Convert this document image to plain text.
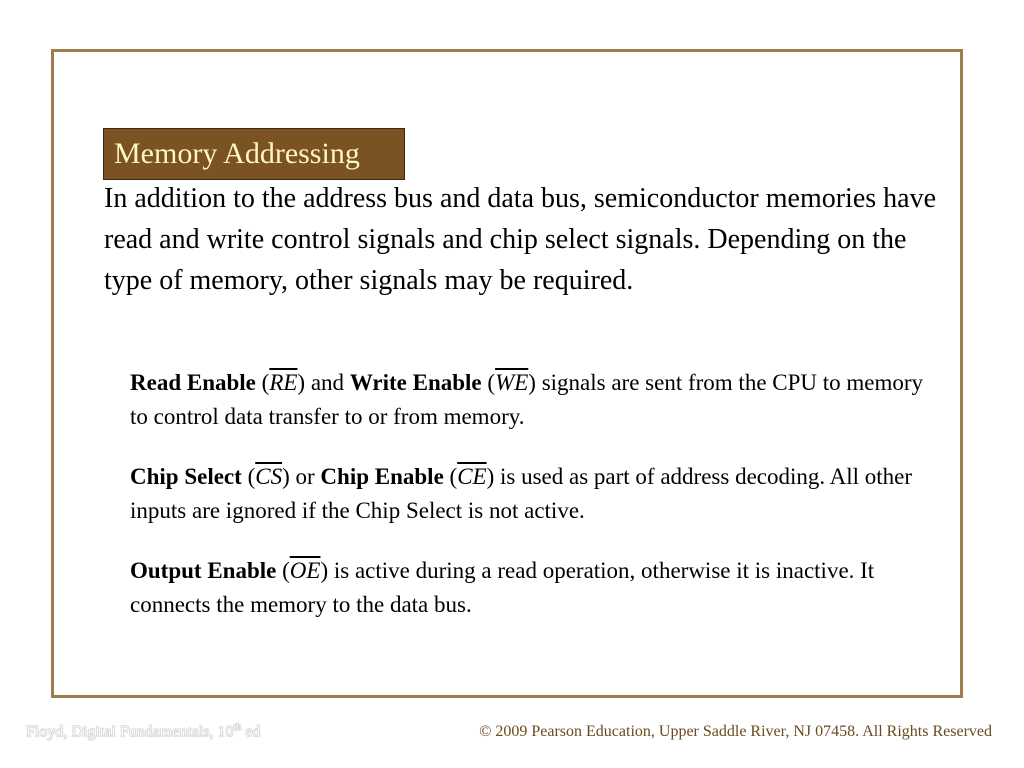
Memory Addressing
In addition to the address bus and data bus, semiconductor memories have read and write control signals and chip select signals. Depending on the type of memory, other signals may be required.
Read Enable $(\overline{RE})$ and Write Enable $(\overline{WE})$ signals are sent from the CPU to memory to control data transfer to or from memory.
Chip Select $(\overline{CS})$ or Chip Enable $(\overline{CE})$ is used as part of address decoding. All other inputs are ignored if the Chip Select is not active.
Output Enable $(\overline{OE})$ is active during a read operation, otherwise it is inactive. It connects the memory to the data bus.
Floyd, Digital Fundamentals, 10th ed	© 2009 Pearson Education, Upper Saddle River, NJ 07458. All Rights Reserved
